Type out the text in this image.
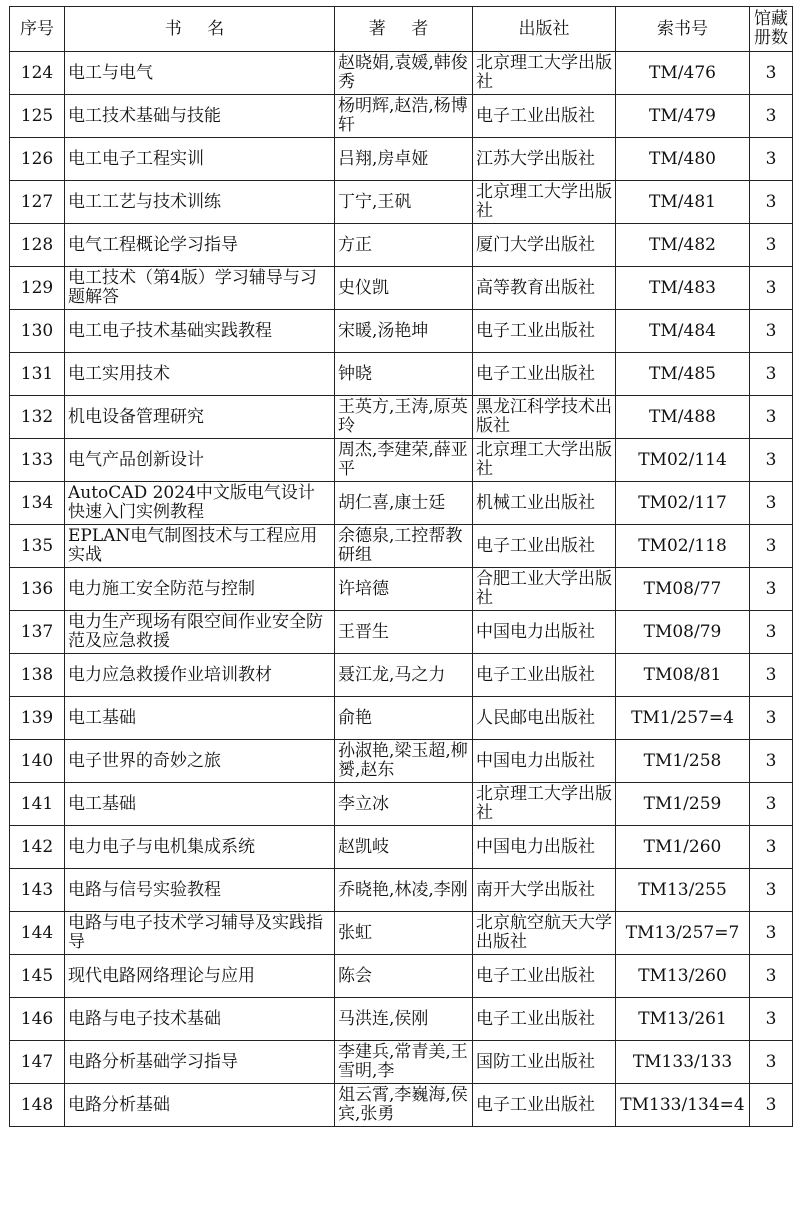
序号	书 名	著 者	出版社	索书号	馆藏册数
124	电工与电气	赵晓娟,袁媛,韩俊秀	北京理工大学出版社	TM/476	3
125	电工技术基础与技能	杨明辉,赵浩,杨博轩	电子工业出版社	TM/479	3
126	电工电子工程实训	吕翔,房卓娅	江苏大学出版社	TM/480	3
127	电工工艺与技术训练	丁宁,王矾	北京理工大学出版社	TM/481	3
128	电气工程概论学习指导	方正	厦门大学出版社	TM/482	3
129	电工技术（第4版）学习辅导与习题解答	史仪凯	高等教育出版社	TM/483	3
130	电工电子技术基础实践教程	宋暖,汤艳坤	电子工业出版社	TM/484	3
131	电工实用技术	钟晓	电子工业出版社	TM/485	3
132	机电设备管理研究	王英方,王涛,原英玲	黑龙江科学技术出版社	TM/488	3
133	电气产品创新设计	周杰,李建荣,薛亚平	北京理工大学出版社	TM02/114	3
134	AutoCAD 2024中文版电气设计快速入门实例教程	胡仁喜,康士廷	机械工业出版社	TM02/117	3
135	EPLAN电气制图技术与工程应用实战	余德泉,工控帮教研组	电子工业出版社	TM02/118	3
136	电力施工安全防范与控制	许培德	合肥工业大学出版社	TM08/77	3
137	电力生产现场有限空间作业安全防范及应急救援	王晋生	中国电力出版社	TM08/79	3
138	电力应急救援作业培训教材	聂江龙,马之力	电子工业出版社	TM08/81	3
139	电工基础	俞艳	人民邮电出版社	TM1/257=4	3
140	电子世界的奇妙之旅	孙淑艳,梁玉超,柳赟,赵东	中国电力出版社	TM1/258	3
141	电工基础	李立冰	北京理工大学出版社	TM1/259	3
142	电力电子与电机集成系统	赵凯岐	中国电力出版社	TM1/260	3
143	电路与信号实验教程	乔晓艳,林凌,李刚	南开大学出版社	TM13/255	3
144	电路与电子技术学习辅导及实践指导	张虹	北京航空航天大学出版社	TM13/257=7	3
145	现代电路网络理论与应用	陈会	电子工业出版社	TM13/260	3
146	电路与电子技术基础	马洪连,侯刚	电子工业出版社	TM13/261	3
147	电路分析基础学习指导	李建兵,常青美,王雪明,李	国防工业出版社	TM133/133	3
148	电路分析基础	俎云霄,李巍海,侯宾,张勇	电子工业出版社	TM133/134=4	3
